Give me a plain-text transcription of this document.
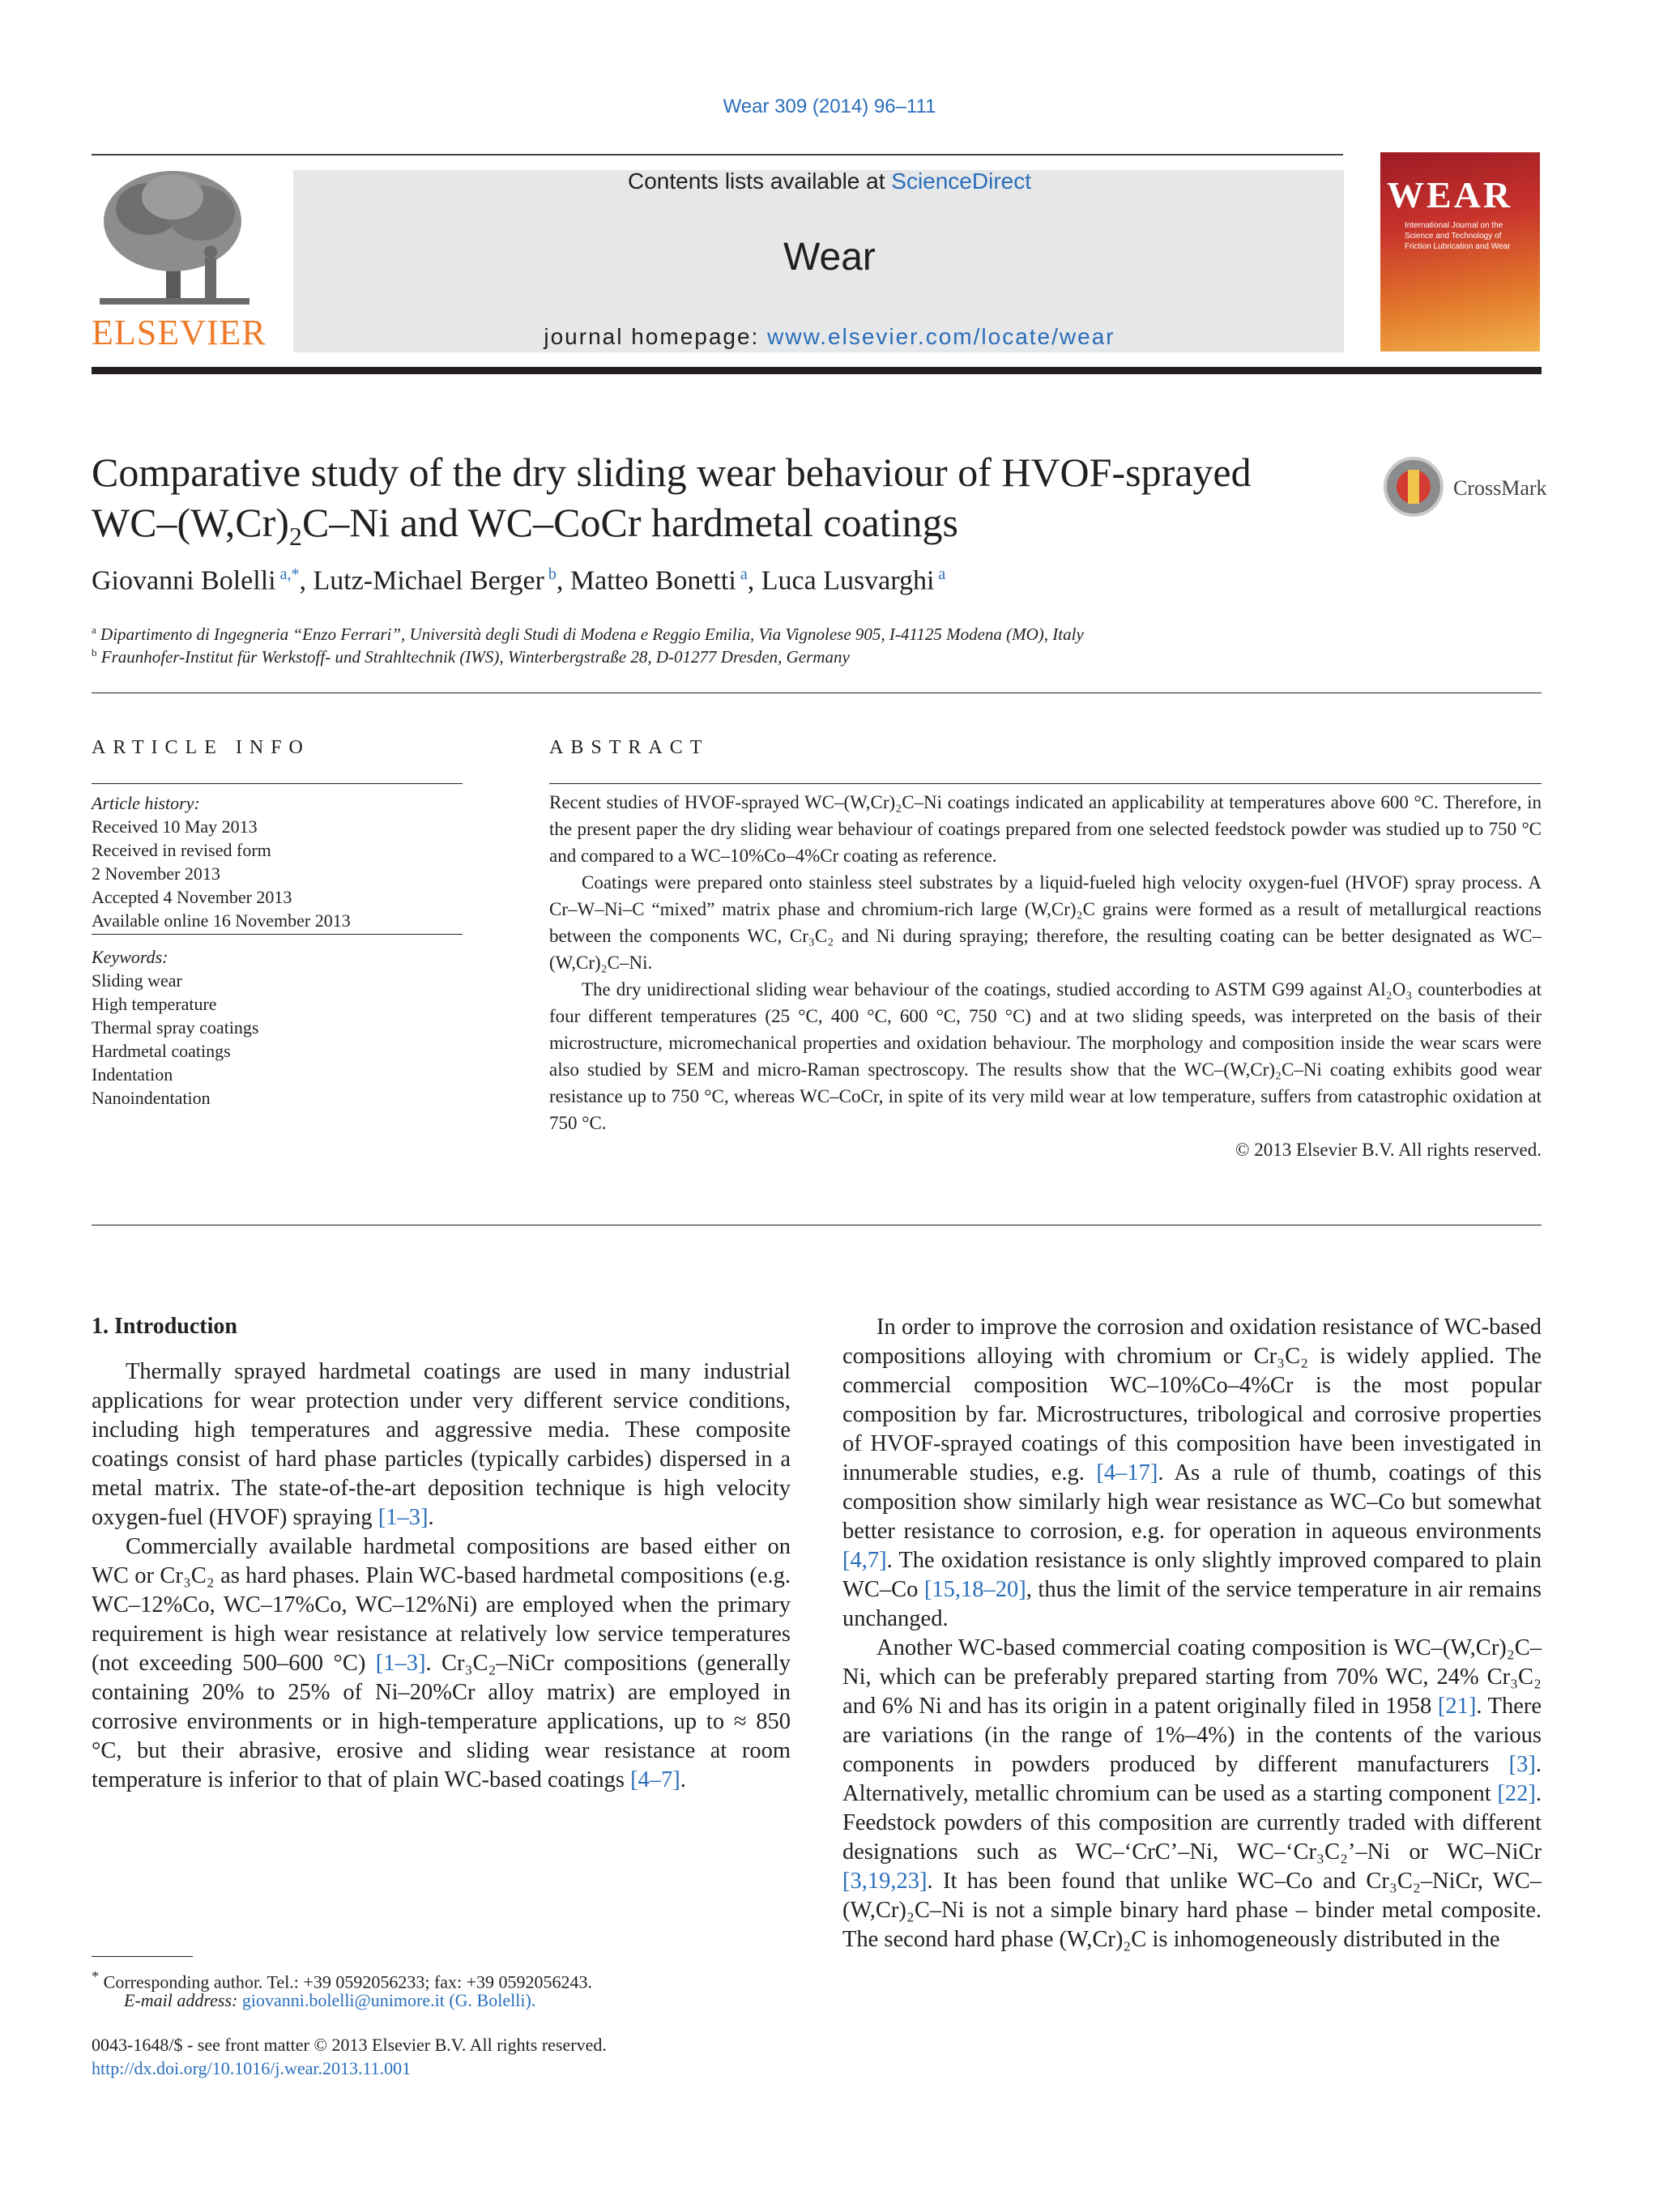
Wear 309 (2014) 96–111
ELSEVIER
Contents lists available at ScienceDirect
Wear
journal homepage: www.elsevier.com/locate/wear
WEAR
International Journal on the Science and Technology of Friction Lubrication and Wear
Comparative study of the dry sliding wear behaviour of HVOF-sprayed
$WC-(W,Cr)_2C-Ni$ and WC–CoCr hardmetal coatings
CrossMark
Giovanni Bolelli $^{a,*}$, Lutz-Michael Berger $^b$, Matteo Bonetti $^a$, Luca Lusvarghi $^a$
$^a$ Dipartimento di Ingegneria “Enzo Ferrari”, Università degli Studi di Modena e Reggio Emilia, Via Vignolese 905, I-41125 Modena (MO), Italy
$^b$ Fraunhofer-Institut für Werkstoff- und Strahltechnik (IWS), Winterbergstraße 28, D-01277 Dresden, Germany
ARTICLE INFO
Article history:
Received 10 May 2013
Received in revised form
2 November 2013
Accepted 4 November 2013
Available online 16 November 2013
Keywords:
Sliding wear
High temperature
Thermal spray coatings
Hardmetal coatings
Indentation
Nanoindentation
ABSTRACT

Recent studies of HVOF-sprayed WC–(W,Cr)₂C–Ni coatings indicated an applicability at temperatures above 600 °C. Therefore, in the present paper the dry sliding wear behaviour of coatings prepared from one selected feedstock powder was studied up to 750 °C and compared to a WC–10%Co–4%Cr coating as reference.

Coatings were prepared onto stainless steel substrates by a liquid-fueled high velocity oxygen-fuel (HVOF) spray process. A Cr–W–Ni–C “mixed” matrix phase and chromium-rich large (W,Cr)₂C grains were formed as a result of metallurgical reactions between the components WC, Cr₃C₂ and Ni during spraying; therefore, the resulting coating can be better designated as WC–(W,Cr)₂C–Ni.

The dry unidirectional sliding wear behaviour of the coatings, studied according to ASTM G99 against Al₂O₃ counterbodies at four different temperatures (25 °C, 400 °C, 600 °C, 750 °C) and at two sliding speeds, was interpreted on the basis of their microstructure, micromechanical properties and oxidation behaviour. The morphology and composition inside the wear scars were also studied by SEM and micro-Raman spectroscopy. The results show that the WC–(W,Cr)₂C–Ni coating exhibits good wear resistance up to 750 °C, whereas WC–CoCr, in spite of its very mild wear at low temperature, suffers from catastrophic oxidation at 750 °C.

© 2013 Elsevier B.V. All rights reserved.

1. Introduction

Thermally sprayed hardmetal coatings are used in many industrial applications for wear protection under very different service conditions, including high temperatures and aggressive media. These composite coatings consist of hard phase particles (typically carbides) dispersed in a metal matrix. The state-of-the-art deposition technique is high velocity oxygen-fuel (HVOF) spraying [1–3].

Commercially available hardmetal compositions are based either on WC or Cr₃C₂ as hard phases. Plain WC-based hardmetal compositions (e.g. WC–12%Co, WC–17%Co, WC–12%Ni) are employed when the primary requirement is high wear resistance at relatively low service temperatures (not exceeding 500–600 °C) [1–3]. Cr₃C₂–NiCr compositions (generally containing 20% to 25% of Ni–20%Cr alloy matrix) are employed in corrosive environments or in high-temperature applications, up to ≈ 850 °C, but their abrasive, erosive and sliding wear resistance at room temperature is inferior to that of plain WC-based coatings [4–7].

In order to improve the corrosion and oxidation resistance of WC-based compositions alloying with chromium or Cr₃C₂ is widely applied. The commercial composition WC–10%Co–4%Cr is the most popular composition by far. Microstructures, tribological and corrosive properties of HVOF-sprayed coatings of this composition have been investigated in innumerable studies, e.g. [4–17]. As a rule of thumb, coatings of this composition show similarly high wear resistance as WC–Co but somewhat better resistance to corrosion, e.g. for operation in aqueous environments [4,7]. The oxidation resistance is only slightly improved compared to plain WC–Co [15,18–20], thus the limit of the service temperature in air remains unchanged.

Another WC-based commercial coating composition is WC–(W,Cr)₂C–Ni, which can be preferably prepared starting from 70% WC, 24% Cr₃C₂ and 6% Ni and has its origin in a patent originally filed in 1958 [21]. There are variations (in the range of 1%–4%) in the contents of the various components in powders produced by different manufacturers [3]. Alternatively, metallic chromium can be used as a starting component [22]. Feedstock powders of this composition are currently traded with different designations such as WC–‘CrC’–Ni, WC–‘Cr₃C₂’–Ni or WC–NiCr [3,19,23]. It has been found that unlike WC–Co and Cr₃C₂–NiCr, WC–(W,Cr)₂C–Ni is not a simple binary hard phase – binder metal composite. The second hard phase (W,Cr)₂C is inhomogeneously distributed in the

* Corresponding author. Tel.: +39 0592056233; fax: +39 0592056243.
E-mail address: giovanni.bolelli@unimore.it (G. Bolelli).
0043-1648/$ - see front matter © 2013 Elsevier B.V. All rights reserved.
http://dx.doi.org/10.1016/j.wear.2013.11.001
